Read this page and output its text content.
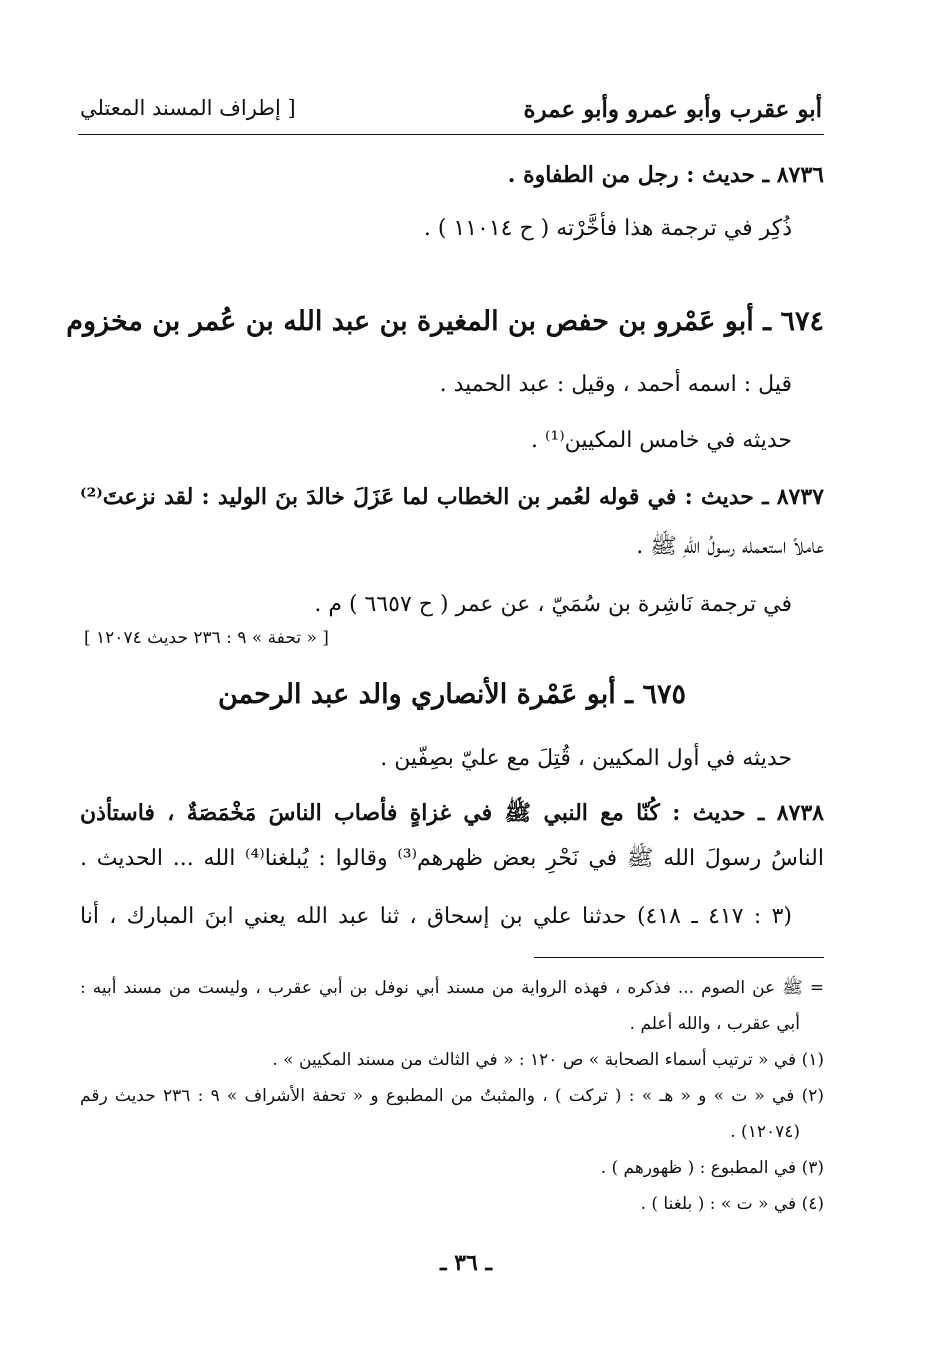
أبو عقرب وأبو عمرو وأبو عمرة
[ إطراف المسند المعتلي
٨٧٣٦ ـ حديث : رجل من الطفاوة .
ذُكِر في ترجمة هذا فأخَّرْته ( ح ١١٠١٤ ) .
٦٧٤ ـ أبو عَمْرو بن حفص بن المغيرة بن عبد الله بن عُمر بن مخزوم
قيل : اسمه أحمد ، وقيل : عبد الحميد .
حديثه في خامس المكيين⁽¹⁾ .
٨٧٣٧ ـ حديث : في قوله لعُمر بن الخطاب لما عَزَلَ خالدَ بنَ الوليد : لقد نزعتَ⁽²⁾
عاملاً استعمله رسولُ اللهِ ﷺ .
في ترجمة نَاشِرة بن سُمَيّ ، عن عمر ( ح ٦٦٥٧ ) م .
[ « تحفة » ٩ : ٢٣٦ حديث ١٢٠٧٤ ]
٦٧٥ ـ أبو عَمْرة الأنصاري والد عبد الرحمن
حديثه في أول المكيين ، قُتِلَ مع عليّ بصِفّين .
٨٧٣٨ ـ حديث : كُنّا مع النبي ﷺ في غزاةٍ فأصاب الناسَ مَخْمَصَةٌ ، فاستأذن
الناسُ رسولَ الله ﷺ في نَحْرِ بعض ظهرهم⁽³⁾ وقالوا : يُبلغنا⁽⁴⁾ الله ... الحديث .
(٣ : ٤١٧ ـ ٤١٨) حدثنا علي بن إسحاق ، ثنا عبد الله يعني ابنَ المبارك ، أنا
= ﷺ عن الصوم ... فذكره ، فهذه الرواية من مسند أبي نوفل بن أبي عقرب ، وليست من مسند أبيه :
أبي عقرب ، والله أعلم .
(١) في « ترتيب أسماء الصحابة » ص ١٢٠ : « في الثالث من مسند المكيين » .
(٢) في « ت » و « هـ » : ( تركت ) ، والمثبتُ من المطبوع و « تحفة الأشراف » ٩ : ٢٣٦ حديث رقم
(١٢٠٧٤) .
(٣) في المطبوع : ( ظهورهم ) .
(٤) في « ت » : ( بلغنا ) .
ـ ٣٦ ـ
